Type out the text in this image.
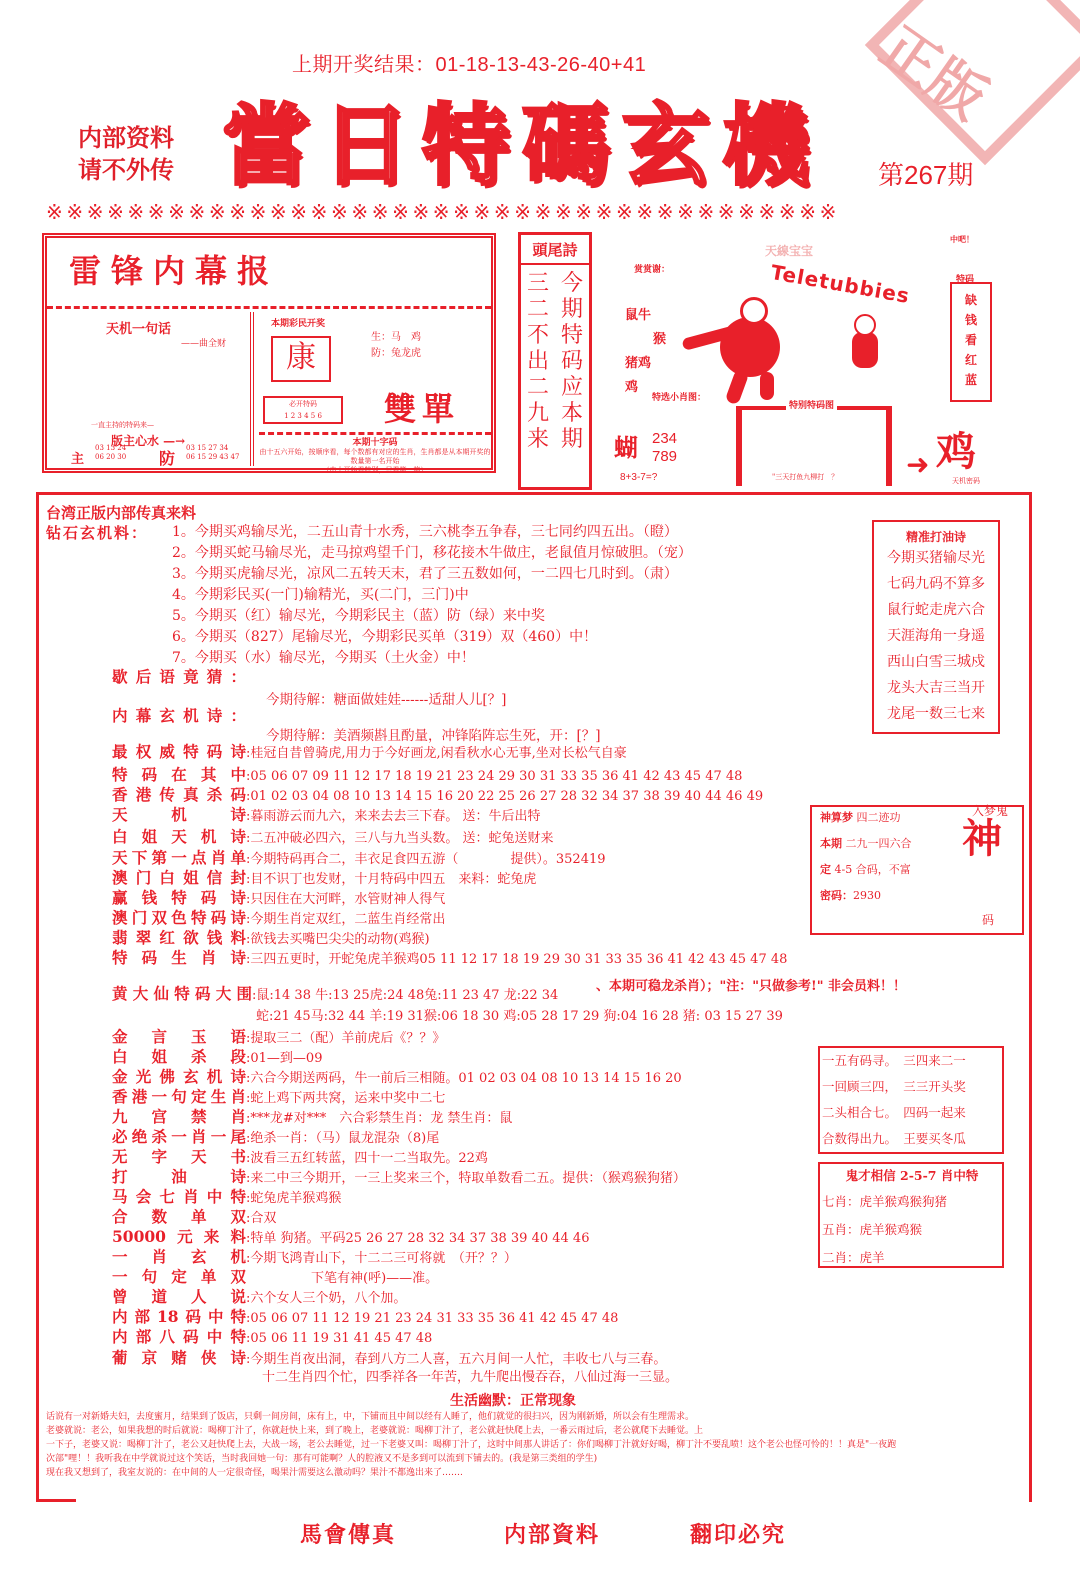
上期开奖结果：01-18-13-43-26-40+41	正版
内部资料
请不外传 當日特碼玄機 第267期
※※※※※※※※※※※※※※※※※※※※※※※※※※※※※※※※※※※※※※※
雷锋内幕报
天机一句话
——曲全财
一直主持的特码来—
版主心水 —→
主
03 13 24
06 20 30 防
03 15 27 34
06 15 29 43 47
本期彩民开奖
康
生：马　鸡
防：兔龙虎
必开特码
1 2 3 4 5 6	雙單
本期十字码
由十五六开始，按顺序看，每个数都有对应的生肖，生肖都是从本期开奖的数量第一名开始
（由十开始看特别，只看第一格）
頭尾詩
三二不出二九来
今期特码应本期
天線宝宝
中吧！
赏赏谢：	Teletubbies
鼠牛
猴
猪鸡
鸡
特选小肖图：
特别特码图
"三天打鱼九柳打　？
蝴 234
789
8+3-7=?
特码
缺
钱
看
红
蓝
➜ 鸡
天机密码
台湾正版内部传真来料
钻石玄机料： 1。今期买鸡输尽光，二五山青十水秀，三六桃李五争春，三七同约四五出。（瞪）
2。今期买蛇马输尽光，走马掠鸡望千门，移花接木牛做庄，老鼠值月惊破胆。（宠）
3。今期买虎输尽光，凉风二五转天末，君了三五数如何，一二四七几时到。（肃）
4。今期彩民买(一门)输精光，买(二门，三门)中
5。今期买（红）输尽光，今期彩民主（蓝）防（绿）来中奖
6。今期买（827）尾输尽光，今期彩民买单（319）双（460）中！
7。今期买（水）输尽光，今期买（土火金）中！
精准打油诗
今期买猪输尽光
七码九码不算多
鼠行蛇走虎六合
天涯海角一身遥
西山白雪三城戍
龙头大吉三当开
龙尾一数三七来
歇后语竟猜：
今期待解：糖面做娃娃------适甜人儿[？]
内幕玄机诗：
今期待解：美酒频斟且酌量，冲锋陷阵忘生死，开：[？]
最权威特码诗:桂冠自昔曾骑虎,用力于今好画龙,闲看秋水心无事,坐对长松气自豪
特码在其中:05 06 07 09 11 12 17 18 19 21 23 24 29 30 31 33 35 36 41 42 43 45 47 48
香港传真杀码:01 02 03 04 08 10 13 14 15 16 20 22 25 26 27 28 32 34 37 38 39 40 44 46 49
天机诗:暮雨游云而九六，来来去去三下春。 送：牛后出特
白姐天机诗:二五冲破必四六，三八与九当头数。 送：蛇兔送财来
天下第一点肖单:今期特码再合二，丰衣足食四五游（　　　　提供）。352419
澳门白姐信封:目不识丁也发财，十月特码中四五　来料：蛇兔虎
赢钱特码诗:只因住在大河畔，水管财神人得气
澳门双色特码诗:今期生肖定双红，二蓝生肖经常出
翡翠红欲钱料:欲钱去买嘴巴尖尖的动物(鸡猴)
特码生肖诗:三四五更时，开蛇兔虎羊猴鸡05 11 12 17 18 19 29 30 31 33 35 36 41 42 43 45 47 48
神算梦 四二迹功
本期 二九一四六合
定 4-5 合码，不富
密码：2930
入梦鬼
神
码
黄大仙特码大围:鼠:14 38 牛:13 25虎:24 48兔:11 23 47 龙:22 34
、本期可稳龙杀肖）；"注："只做参考!" 非会员料！！
蛇:21 45马:32 44 羊:19 31猴:06 18 30 鸡:05 28 17 29 狗:04 16 28 猪: 03 15 27 39
金言玉语:提取三二（配）羊前虎后《？？》
白姐杀段:01—到—09
金光佛玄机诗:六合今期送两码，牛一前后三相随。01 02 03 04 08 10 13 14 15 16 20
香港一句定生肖:蛇上鸡下两共窝，运来中奖中二七
九宫禁肖:***龙#对***　六合彩禁生肖：龙 禁生肖：鼠
必绝杀一肖一尾:绝杀一肖：（马）鼠龙混杂（8)尾
无字天书:波看三五红转蓝，四十一二当取先。22鸡
打油诗:来二中三今期开，一三上奖来三个，特取单数看二五。提供：（猴鸡猴狗猪）
马会七肖中特:蛇兔虎羊猴鸡猴
合数单双:合双
50000元来料:特单 狗猪。平码25 26 27 28 32 34 37 38 39 40 44 46
一肖玄机:今期飞鸿青山下，十二二三可将就　（开？？）
一句定单双　　　　　下笔有神(呼)——准。
曾道人说:六个女人三个奶，八个加。
内部18码中特:05 06 07 11 12 19 21 23 24 31 33 35 36 41 42 45 47 48
内部八码中特:05 06 11 19 31 41 45 47 48
葡京赌侠诗:今期生肖夜出洞，春到八方二人喜，五六月间一人忙，丰收七八与三春。
十二生肖四个忙，四季祥各一年苦，九牛爬出慢吞吞，八仙过海一三显。
一五有码寻。　三四来二一
一回顾三四，　三三开头奖
二头相合七。　四码一起来
合数得出九。　王要买冬瓜
鬼才相信 2-5-7 肖中特
七肖：虎羊猴鸡猴狗猪
五肖：虎羊猴鸡猴
二肖：虎羊
生活幽默：正常现象
话说有一对新婚夫妇，去度蜜月，结果到了饭店，只剩一间房间，床有上，中，下铺而且中间以经有人睡了，他们就觉的很扫兴，因为刚新婚，所以会有生理需求。
老婆就说：老公，如果我想的时后就说：喝柳丁汁了，你就赶快上来，到了晚上，老婆就说：喝柳丁汁了，老公就赶快爬上去，一番云雨过后，老公就爬下去睡觉。上
一下子，老婆又说：喝柳丁汁了，老公又赶快爬上去，大战一场，老公去睡觉，过一下老婆又叫：喝柳丁汁了，这时中间那人讲话了：你们喝柳丁汁就好好喝，柳丁汁不要乱喷！这个老公也怪可怜的！！真是"一夜跑
次部"哩！！我听我在中学就说过这个笑话，当时我回她一句：那有可能啊？人的腔液又不是多到可以流到下铺去的。(我是第三类组的学生)
现在我又想到了，我室友说的：在中间的人一定很奇怪，喝果汁需要这么激动吗？果汁不都逸出来了…….
馬會傳真	内部資料	翻印必究
